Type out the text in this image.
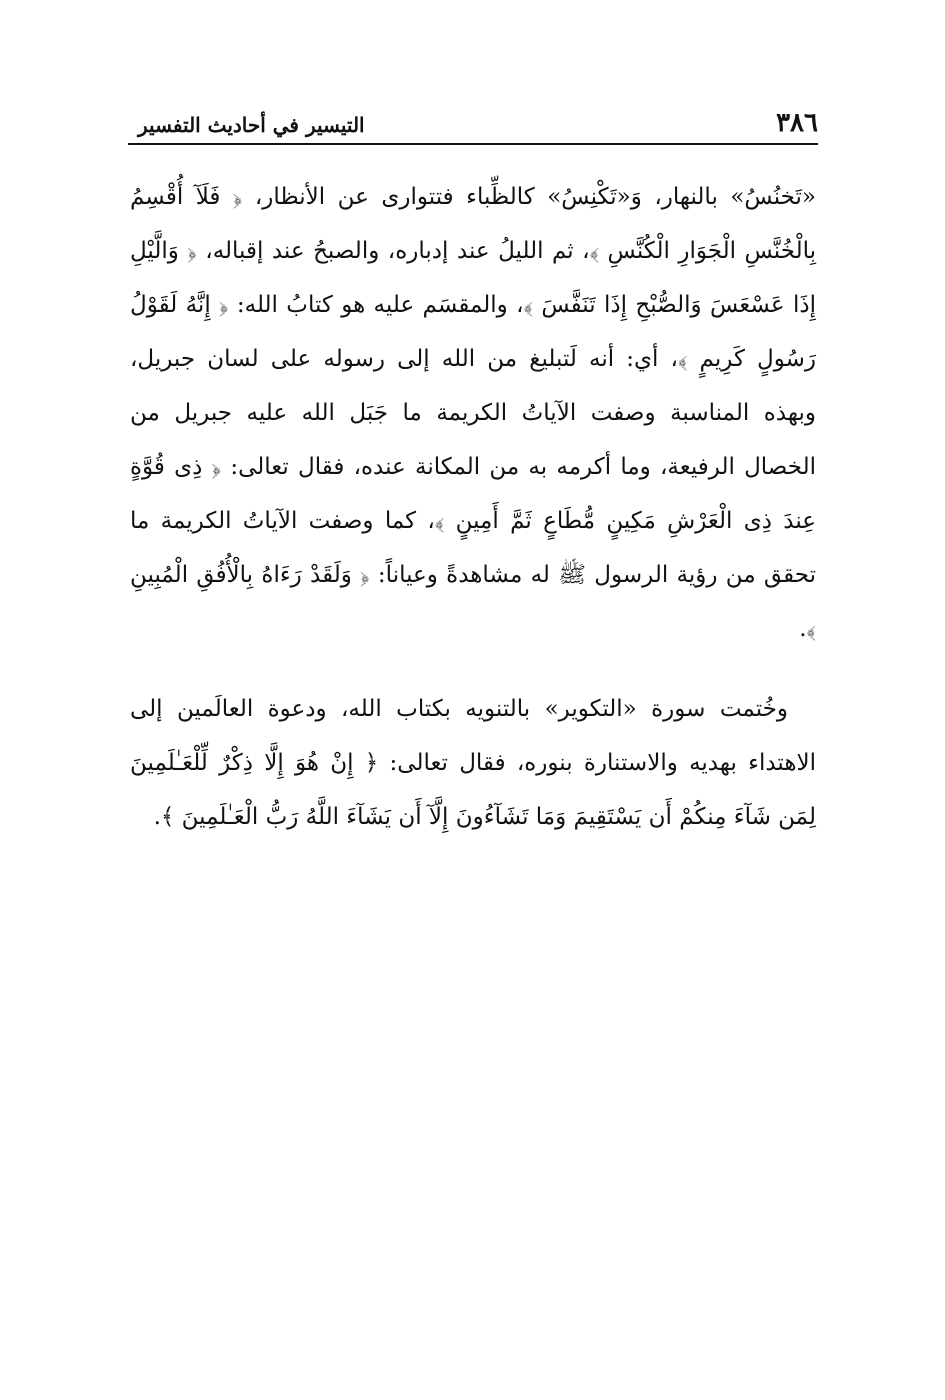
٣٨٦
التيسير في أحاديث التفسير

«تَخنُسُ» بالنهار، وَ«تَكْنِسُ» كالظِّباء فتتوارى عن الأنظار، ﴿ فَلَآ أُقْسِمُ بِالْخُنَّسِ الْجَوَارِ الْكُنَّسِ ﴾، ثم الليلُ عند إدباره، والصبحُ عند إقباله، ﴿ وَالَّيْلِ إِذَا عَسْعَسَ وَالصُّبْحِ إِذَا تَنَفَّسَ ﴾، والمقسَم عليه هو كتابُ الله: ﴿ إِنَّهُ لَقَوْلُ رَسُولٍ كَرِيمٍ ﴾، أي: أنه لَتبليغ من الله إلى رسوله على لسان جبريل، وبهذه المناسبة وصفت الآياتُ الكريمة ما جَبَل الله عليه جبريل من الخصال الرفيعة، وما أكرمه به من المكانة عنده، فقال تعالى: ﴿ ذِى قُوَّةٍ عِندَ ذِى الْعَرْشِ مَكِينٍ مُّطَاعٍ ثَمَّ أَمِينٍ ﴾، كما وصفت الآياتُ الكريمة ما تحقق من رؤية الرسول ﷺ له مشاهدةً وعياناً: ﴿ وَلَقَدْ رَءَاهُ بِالْأُفُقِ الْمُبِينِ ﴾.

وخُتمت سورة «التكوير» بالتنويه بكتاب الله، ودعوة العالَمين إلى الاهتداء بهديه والاستنارة بنوره، فقال تعالى: ﴿ إِنْ هُوَ إِلَّا ذِكْرٌ لِّلْعَـٰلَمِينَ لِمَن شَآءَ مِنكُمْ أَن يَسْتَقِيمَ وَمَا تَشَآءُونَ إِلَّآ أَن يَشَآءَ اللَّهُ رَبُّ الْعَـٰلَمِينَ ﴾.
